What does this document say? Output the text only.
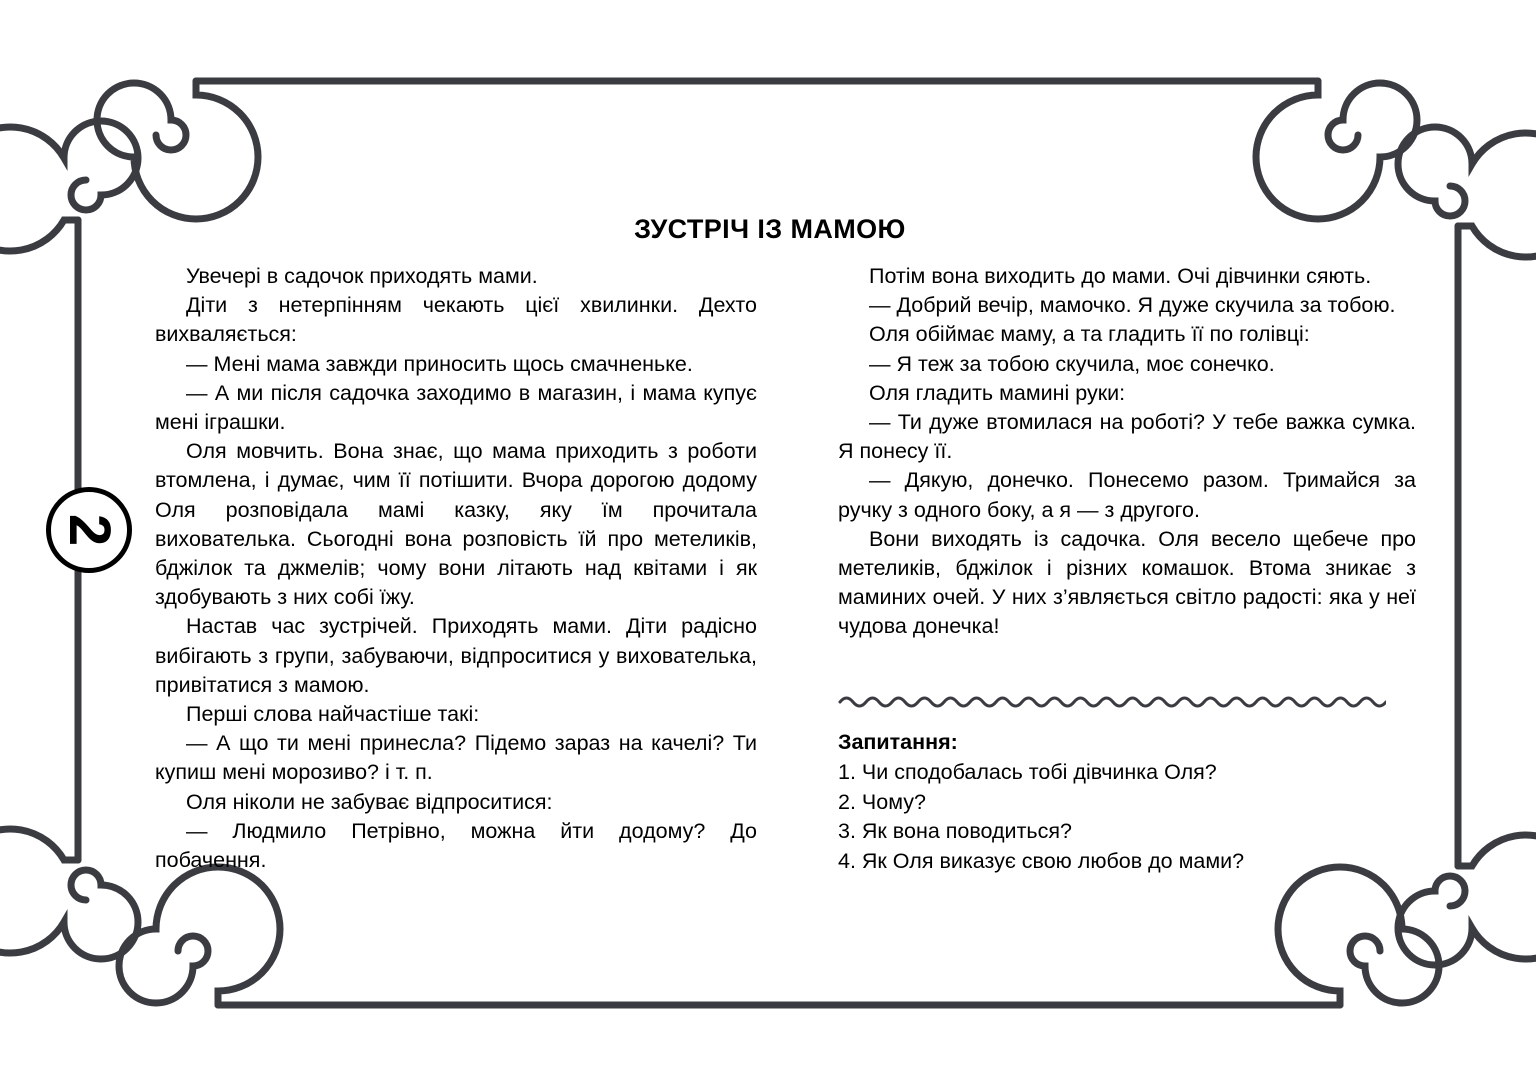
2
ЗУСТРІЧ ІЗ МАМОЮ

Увечері в садочок приходять мами.

Діти з нетерпінням чекають цієї хвилинки. Дехто вихваляється:

— Мені мама завжди приносить щось смачненьке.

— А ми після садочка заходимо в магазин, і мама купує мені іграшки.

Оля мовчить. Вона знає, що мама приходить з роботи втомлена, і думає, чим її потішити. Вчора дорогою додому Оля розповідала мамі казку, яку їм прочитала вихователька. Сьогодні вона розповість їй про метеликів, бджілок та джмелів; чому вони літають над квітами і як здобувають з них собі їжу.

Настав час зустрічей. Приходять мами. Діти радісно вибігають з групи, забуваючи, відпроситися у вихователька, привітатися з мамою.

Перші слова найчастіше такі:

— А що ти мені принесла? Підемо зараз на качелі? Ти купиш мені морозиво? і т. п.

Оля ніколи не забуває відпроситися:

— Людмило Петрівно, можна йти додому? До побачення.

Потім вона виходить до мами. Очі дівчинки сяють.

— Добрий вечір, мамочко. Я дуже скучила за тобою.

Оля обіймає маму, а та гладить її по голівці:

— Я теж за тобою скучила, моє сонечко.

Оля гладить мамині руки:

— Ти дуже втомилася на роботі? У тебе важка сумка. Я понесу її.

— Дякую, донечко. Понесемо разом. Тримайся за ручку з одного боку, а я — з другого.

Вони виходять із садочка. Оля весело щебече про метеликів, бджілок і різних комашок. Втома зникає з маминих очей. У них з’являється світло радості: яка у неї чудова донечка!

Запитання:

1. Чи сподобалась тобі дівчинка Оля?

2. Чому?

3. Як вона поводиться?

4. Як Оля виказує свою любов до мами?
